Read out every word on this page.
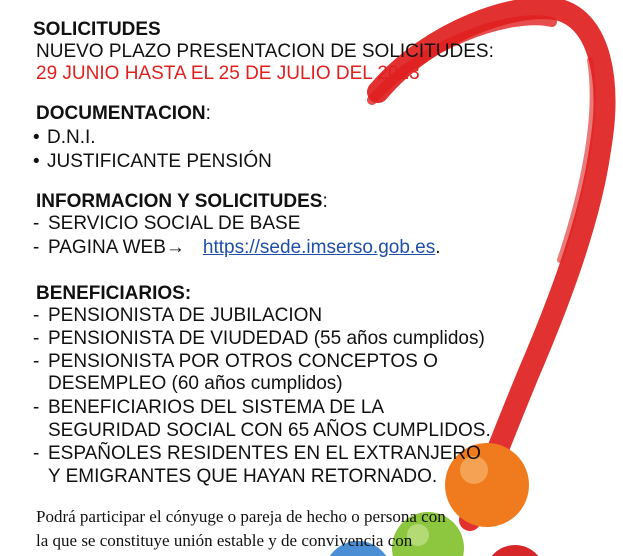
SOLICITUDES
NUEVO PLAZO PRESENTACION DE SOLICITUDES:
29 JUNIO HASTA EL 25 DE JULIO DEL 2023
DOCUMENTACION:
• D.N.I.
• JUSTIFICANTE PENSIÓN
INFORMACION Y SOLICITUDES:
- SERVICIO SOCIAL DE BASE
- PAGINA WEB→ https://sede.imserso.gob.es.
BENEFICIARIOS:
- PENSIONISTA DE JUBILACION
- PENSIONISTA DE VIUDEDAD (55 años cumplidos)
- PENSIONISTA POR OTROS CONCEPTOS O
DESEMPLEO (60 años cumplidos)
- BENEFICIARIOS DEL SISTEMA DE LA
SEGURIDAD SOCIAL CON 65 AÑOS CUMPLIDOS.
- ESPAÑOLES RESIDENTES EN EL EXTRANJERO
Y EMIGRANTES QUE HAYAN RETORNADO.
Podrá participar el cónyuge o pareja de hecho o persona con
la que se constituye unión estable y de convivencia con
